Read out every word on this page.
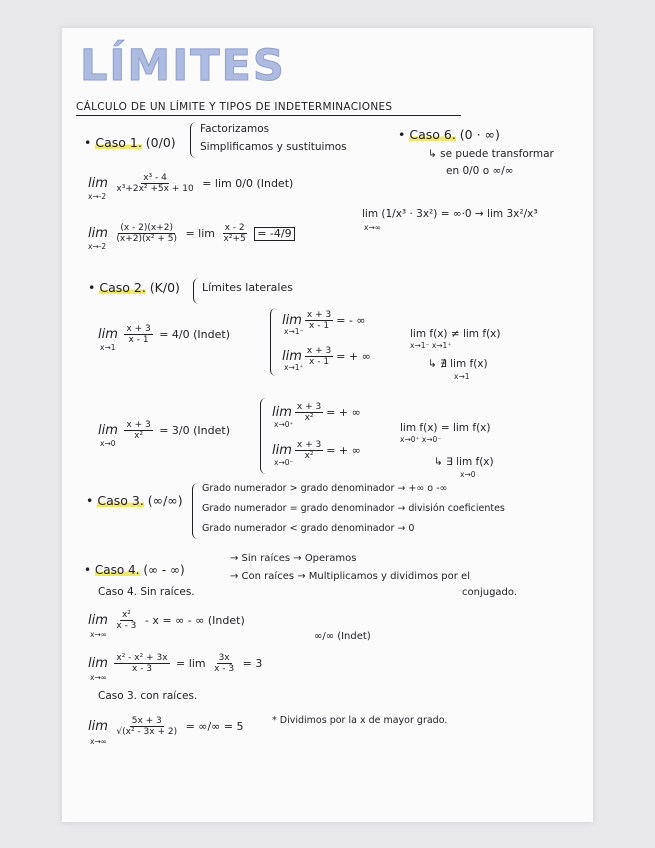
LÍMITES
CÁLCULO DE UN LÍMITE Y TIPOS DE INDETERMINACIONES
• Caso 1. (0/0)
Factorizamos
Simplificamos y sustituimos
$\lim \frac{\text{x³ - 4}}{\text{x³+2x² +5x + 10}} = \lim 0/0$ (Indet)
x→-2
$\lim \frac{(x - 2)(x+2)}{\text{(x+2)(x² + 5)}} = \lim \frac{x - 2}{\text{x²+5}} = -4/9$
x→-2
• Caso 6. (0 · ∞)
↳ se puede transformar
en 0/0 o ∞/∞
lim (1/x³ · 3x²) = ∞·0 → lim 3x²/x³
x→∞
• Caso 2. (K/0) Límites laterales
$\lim \frac{x + 3}{x - 1} = 4/0$ (Indet)
x→1
$\lim \frac{x + 3}{x - 1}$ = - ∞
x→1⁻
$\lim \frac{x + 3}{x - 1}$ = + ∞
x→1⁺
lim f(x) ≠ lim f(x)
x→1⁻ x→1⁺
↳ ∄ lim f(x)
x→1
$\lim \frac{x + 3}{\text{x²}} = 3/0$ (Indet)
x→0
$\lim \frac{x + 3}{\text{x²}}$ = + ∞
x→0⁺
$\lim \frac{x + 3}{\text{x²}}$ = + ∞
x→0⁻
lim f(x) = lim f(x)
x→0⁺ x→0⁻
↳ ∃ lim f(x)
x→0
• Caso 3. (∞/∞)
Grado numerador > grado denominador → +∞ o -∞
Grado numerador = grado denominador → división coeficientes
Grado numerador < grado denominador → 0
• Caso 4. (∞ - ∞)
→ Sin raíces → Operamos
→ Con raíces → Multiplicamos y dividimos por el
conjugado.
Caso 4. Sin raíces.
$\lim \frac{\text{x²}}{x - 3}$ - x = ∞ - ∞ (Indet)
x→∞	∞/∞ (Indet)
$\lim \frac{\text{x² - x² + 3x}}{x - 3} = \lim \frac{3x}{x - 3} = 3$
x→∞
Caso 3. con raíces.
$\lim \frac{5x + 3}{\text{√(x² - 3x + 2)}}$ = ∞/∞ = 5
x→∞
* Dividimos por la x de mayor grado.
